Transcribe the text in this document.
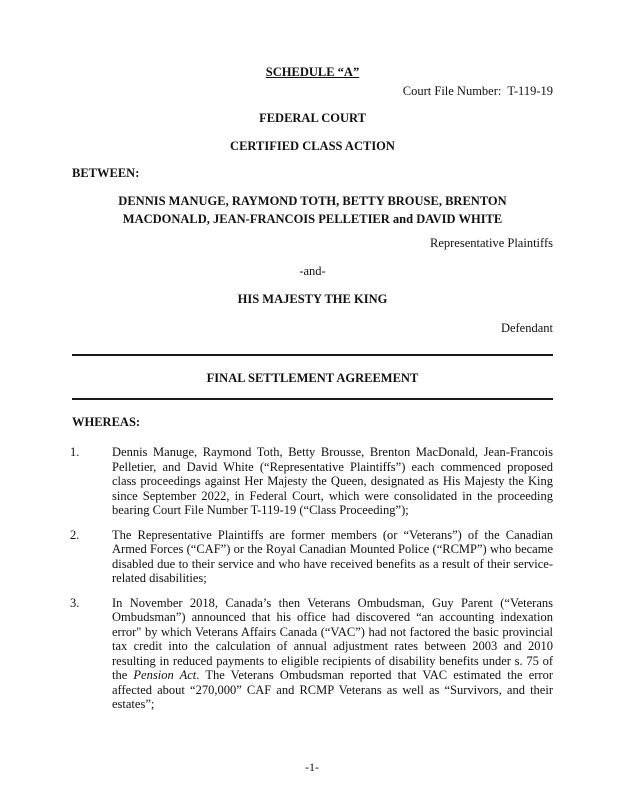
SCHEDULE “A”
Court File Number:  T-119-19
FEDERAL COURT
CERTIFIED CLASS ACTION
BETWEEN:
DENNIS MANUGE, RAYMOND TOTH, BETTY BROUSE, BRENTON
MACDONALD, JEAN-FRANCOIS PELLETIER and DAVID WHITE
Representative Plaintiffs
-and-
HIS MAJESTY THE KING
Defendant
FINAL SETTLEMENT AGREEMENT
WHEREAS:
1.	Dennis Manuge, Raymond Toth, Betty Brousse, Brenton MacDonald, Jean-Francois Pelletier, and David White (“Representative Plaintiffs”) each commenced proposed class proceedings against Her Majesty the Queen, designated as His Majesty the King since September 2022, in Federal Court, which were consolidated in the proceeding bearing Court File Number T-119-19 (“Class Proceeding”);
2.	The Representative Plaintiffs are former members (or “Veterans”) of the Canadian Armed Forces (“CAF”) or the Royal Canadian Mounted Police (“RCMP”) who became disabled due to their service and who have received benefits as a result of their service-related disabilities;
3.	In November 2018, Canada’s then Veterans Ombudsman, Guy Parent (“Veterans Ombudsman”) announced that his office had discovered “an accounting indexation error" by which Veterans Affairs Canada (“VAC”) had not factored the basic provincial tax credit into the calculation of annual adjustment rates between 2003 and 2010 resulting in reduced payments to eligible recipients of disability benefits under s. 75 of the Pension Act. The Veterans Ombudsman reported that VAC estimated the error affected about “270,000” CAF and RCMP Veterans as well as “Survivors, and their estates”;
-1-
